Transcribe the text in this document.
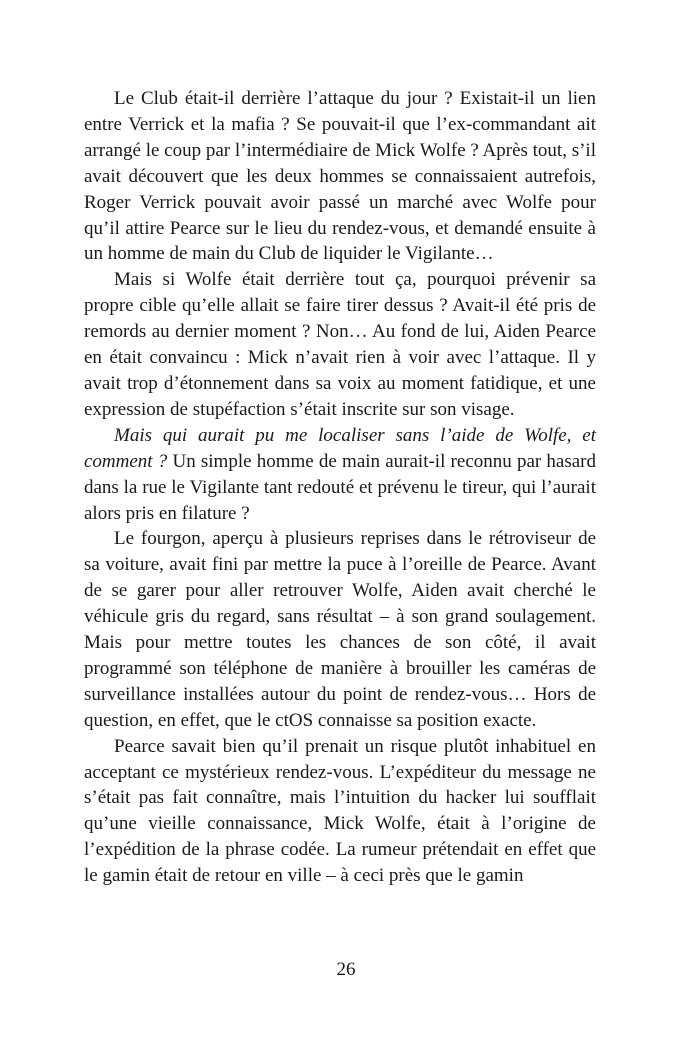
Le Club était-il derrière l’attaque du jour ? Existait-il un lien entre Verrick et la mafia ? Se pouvait-il que l’ex-commandant ait arrangé le coup par l’intermédiaire de Mick Wolfe ? Après tout, s’il avait découvert que les deux hommes se connaissaient autrefois, Roger Verrick pouvait avoir passé un marché avec Wolfe pour qu’il attire Pearce sur le lieu du rendez-vous, et demandé ensuite à un homme de main du Club de liquider le Vigilante…

Mais si Wolfe était derrière tout ça, pourquoi prévenir sa propre cible qu’elle allait se faire tirer dessus ? Avait-il été pris de remords au dernier moment ? Non… Au fond de lui, Aiden Pearce en était convaincu : Mick n’avait rien à voir avec l’attaque. Il y avait trop d’étonnement dans sa voix au moment fatidique, et une expression de stupéfaction s’était inscrite sur son visage.

Mais qui aurait pu me localiser sans l’aide de Wolfe, et comment ? Un simple homme de main aurait-il reconnu par hasard dans la rue le Vigilante tant redouté et prévenu le tireur, qui l’aurait alors pris en filature ?

Le fourgon, aperçu à plusieurs reprises dans le rétroviseur de sa voiture, avait fini par mettre la puce à l’oreille de Pearce. Avant de se garer pour aller retrouver Wolfe, Aiden avait cherché le véhicule gris du regard, sans résultat – à son grand soulagement. Mais pour mettre toutes les chances de son côté, il avait programmé son téléphone de manière à brouiller les caméras de surveillance installées autour du point de rendez-vous… Hors de question, en effet, que le ctOS connaisse sa position exacte.

Pearce savait bien qu’il prenait un risque plutôt inhabituel en acceptant ce mystérieux rendez-vous. L’expéditeur du message ne s’était pas fait connaître, mais l’intuition du hacker lui soufflait qu’une vieille connaissance, Mick Wolfe, était à l’origine de l’expédition de la phrase codée. La rumeur prétendait en effet que le gamin était de retour en ville – à ceci près que le gamin

26
